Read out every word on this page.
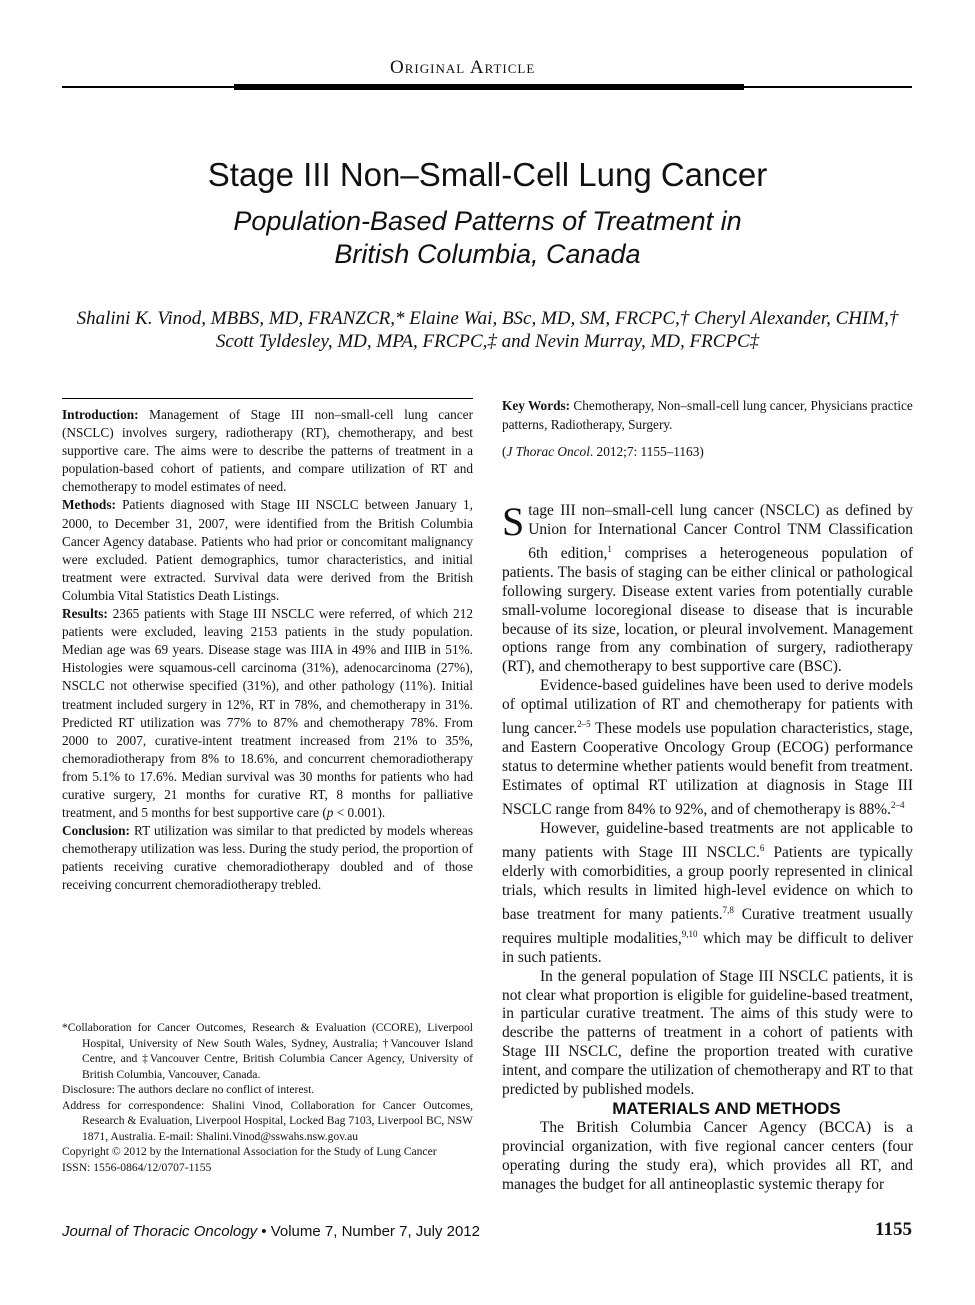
Original Article
Stage III Non–Small-Cell Lung Cancer
Population-Based Patterns of Treatment in
British Columbia, Canada
Shalini K. Vinod, MBBS, MD, FRANZCR,* Elaine Wai, BSc, MD, SM, FRCPC,† Cheryl Alexander, CHIM,†
Scott Tyldesley, MD, MPA, FRCPC,‡ and Nevin Murray, MD, FRCPC‡

Introduction: Management of Stage III non–small-cell lung cancer (NSCLC) involves surgery, radiotherapy (RT), chemotherapy, and best supportive care. The aims were to describe the patterns of treatment in a population-based cohort of patients, and compare utilization of RT and chemotherapy to model estimates of need.

Methods: Patients diagnosed with Stage III NSCLC between January 1, 2000, to December 31, 2007, were identified from the British Columbia Cancer Agency database. Patients who had prior or concomitant malignancy were excluded. Patient demographics, tumor characteristics, and initial treatment were extracted. Survival data were derived from the British Columbia Vital Statistics Death Listings.

Results: 2365 patients with Stage III NSCLC were referred, of which 212 patients were excluded, leaving 2153 patients in the study population. Median age was 69 years. Disease stage was IIIA in 49% and IIIB in 51%. Histologies were squamous-cell carcinoma (31%), adenocarcinoma (27%), NSCLC not otherwise specified (31%), and other pathology (11%). Initial treatment included surgery in 12%, RT in 78%, and chemotherapy in 31%. Predicted RT utilization was 77% to 87% and chemotherapy 78%. From 2000 to 2007, curative-intent treatment increased from 21% to 35%, chemoradiotherapy from 8% to 18.6%, and concurrent chemoradiotherapy from 5.1% to 17.6%. Median survival was 30 months for patients who had curative surgery, 21 months for curative RT, 8 months for palliative treatment, and 5 months for best supportive care (p < 0.001).

Conclusion: RT utilization was similar to that predicted by models whereas chemotherapy utilization was less. During the study period, the proportion of patients receiving curative chemoradiotherapy doubled and of those receiving concurrent chemoradiotherapy trebled.

*Collaboration for Cancer Outcomes, Research & Evaluation (CCORE), Liverpool Hospital, University of New South Wales, Sydney, Australia; †Vancouver Island Centre, and ‡Vancouver Centre, British Columbia Cancer Agency, University of British Columbia, Vancouver, Canada.

Disclosure: The authors declare no conflict of interest.

Address for correspondence: Shalini Vinod, Collaboration for Cancer Outcomes, Research & Evaluation, Liverpool Hospital, Locked Bag 7103, Liverpool BC, NSW 1871, Australia. E-mail: Shalini.Vinod@sswahs.nsw.gov.au

Copyright © 2012 by the International Association for the Study of Lung Cancer

ISSN: 1556-0864/12/0707-1155

Key Words: Chemotherapy, Non–small-cell lung cancer, Physicians practice patterns, Radiotherapy, Surgery.

(J Thorac Oncol. 2012;7: 1155–1163)

Stage III non–small-cell lung cancer (NSCLC) as defined by Union for International Cancer Control TNM Classification 6th edition,$^1$ comprises a heterogeneous population of patients. The basis of staging can be either clinical or pathological following surgery. Disease extent varies from potentially curable small-volume locoregional disease to disease that is incurable because of its size, location, or pleural involvement. Management options range from any combination of surgery, radiotherapy (RT), and chemotherapy to best supportive care (BSC).

Evidence-based guidelines have been used to derive models of optimal utilization of RT and chemotherapy for patients with lung cancer.$^{2-5}$ These models use population characteristics, stage, and Eastern Cooperative Oncology Group (ECOG) performance status to determine whether patients would benefit from treatment. Estimates of optimal RT utilization at diagnosis in Stage III NSCLC range from 84% to 92%, and of chemotherapy is 88%.$^{2-4}$

However, guideline-based treatments are not applicable to many patients with Stage III NSCLC.$^6$ Patients are typically elderly with comorbidities, a group poorly represented in clinical trials, which results in limited high-level evidence on which to base treatment for many patients.$^{7,8}$ Curative treatment usually requires multiple modalities,$^{9,10}$ which may be difficult to deliver in such patients.

In the general population of Stage III NSCLC patients, it is not clear what proportion is eligible for guideline-based treatment, in particular curative treatment. The aims of this study were to describe the patterns of treatment in a cohort of patients with Stage III NSCLC, define the proportion treated with curative intent, and compare the utilization of chemotherapy and RT to that predicted by published models.

MATERIALS AND METHODS

The British Columbia Cancer Agency (BCCA) is a provincial organization, with five regional cancer centers (four operating during the study era), which provides all RT, and manages the budget for all antineoplastic systemic therapy for

Journal of Thoracic Oncology • Volume 7, Number 7, July 2012	1155
